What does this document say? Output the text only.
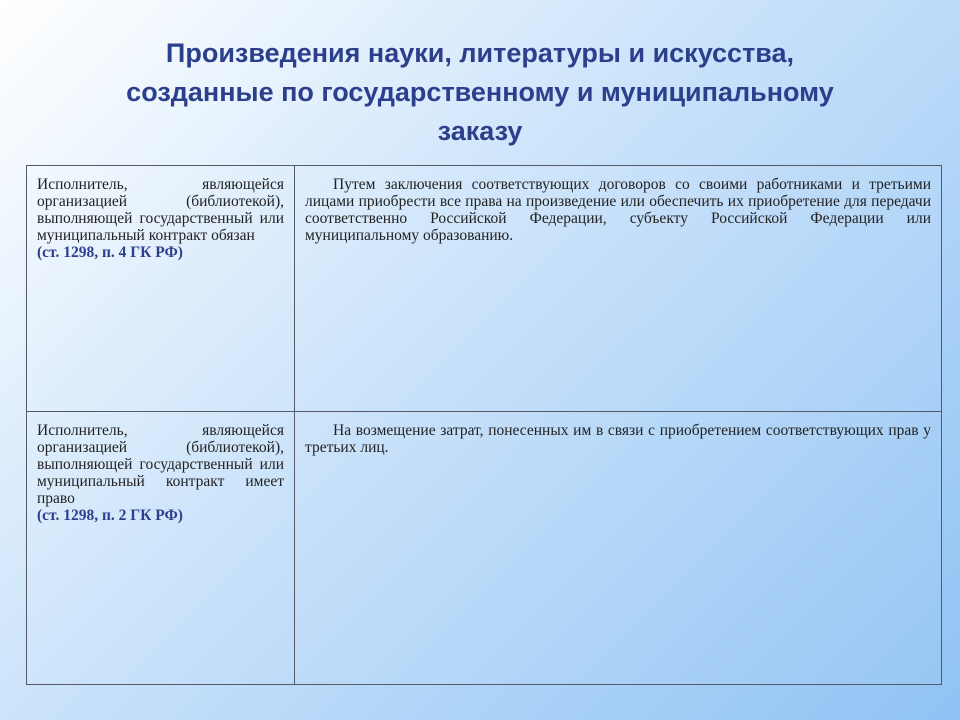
Произведения науки, литературы и искусства,
созданные по государственному и муниципальному
заказу
Исполнитель, являющейся организацией (библиотекой), выполняющей государственный или муниципальный контракт обязан
(ст. 1298, п. 4 ГК РФ)	Путем заключения соответствующих договоров со своими работниками и третьими лицами приобрести все права на произведение или обеспечить их приобретение для передачи соответственно Российской Федерации, субъекту Российской Федерации или муниципальному образованию.

Исполнитель, являющейся организацией (библиотекой), выполняющей государственный или муниципальный контракт имеет право
(ст. 1298, п. 2 ГК РФ)	На возмещение затрат, понесенных им в связи с приобретением соответствующих прав у третьих лиц.
